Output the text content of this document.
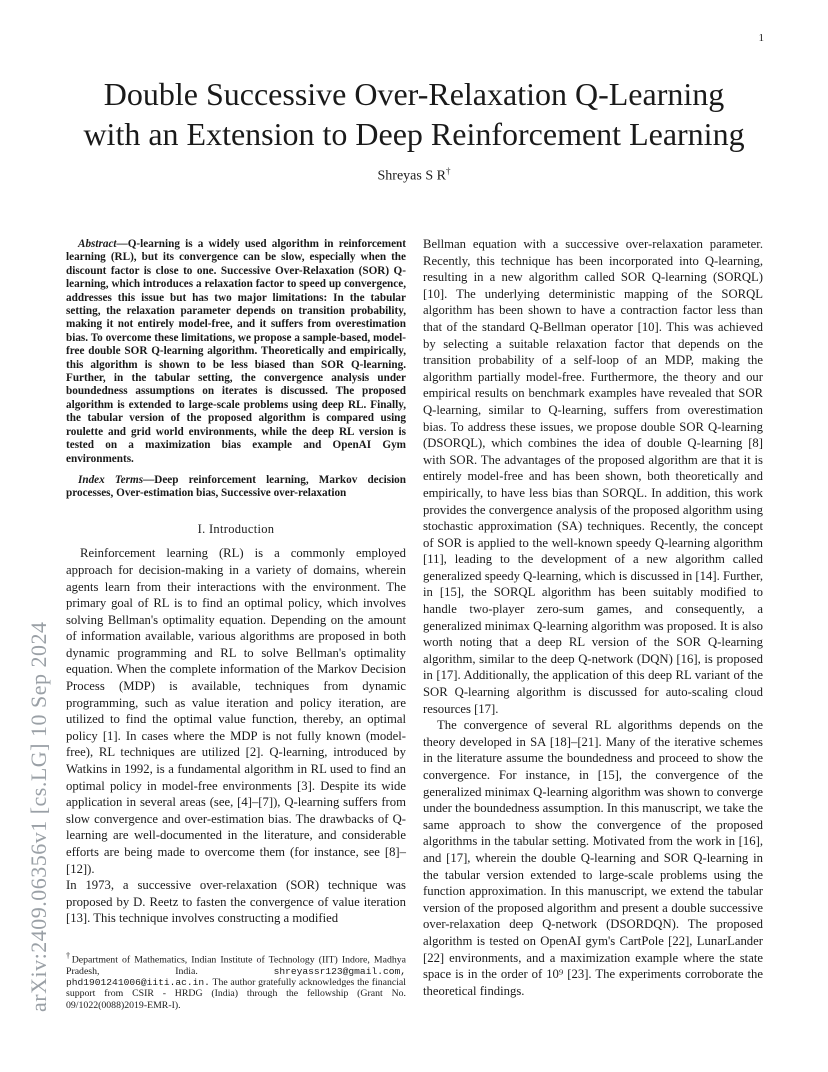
1
arXiv:2409.06356v1 [cs.LG] 10 Sep 2024
Double Successive Over-Relaxation Q-Learning
with an Extension to Deep Reinforcement Learning
Shreyas S R†

Abstract—Q-learning is a widely used algorithm in reinforcement learning (RL), but its convergence can be slow, especially when the discount factor is close to one. Successive Over-Relaxation (SOR) Q-learning, which introduces a relaxation factor to speed up convergence, addresses this issue but has two major limitations: In the tabular setting, the relaxation parameter depends on transition probability, making it not entirely model-free, and it suffers from overestimation bias. To overcome these limitations, we propose a sample-based, model-free double SOR Q-learning algorithm. Theoretically and empirically, this algorithm is shown to be less biased than SOR Q-learning. Further, in the tabular setting, the convergence analysis under boundedness assumptions on iterates is discussed. The proposed algorithm is extended to large-scale problems using deep RL. Finally, the tabular version of the proposed algorithm is compared using roulette and grid world environments, while the deep RL version is tested on a maximization bias example and OpenAI Gym environments.

Index Terms—Deep reinforcement learning, Markov decision processes, Over-estimation bias, Successive over-relaxation

I. Introduction

Reinforcement learning (RL) is a commonly employed approach for decision-making in a variety of domains, wherein agents learn from their interactions with the environment. The primary goal of RL is to find an optimal policy, which involves solving Bellman's optimality equation. Depending on the amount of information available, various algorithms are proposed in both dynamic programming and RL to solve Bellman's optimality equation. When the complete information of the Markov Decision Process (MDP) is available, techniques from dynamic programming, such as value iteration and policy iteration, are utilized to find the optimal value function, thereby, an optimal policy [1]. In cases where the MDP is not fully known (model-free), RL techniques are utilized [2]. Q-learning, introduced by Watkins in 1992, is a fundamental algorithm in RL used to find an optimal policy in model-free environments [3]. Despite its wide application in several areas (see, [4]–[7]), Q-learning suffers from slow convergence and over-estimation bias. The drawbacks of Q-learning are well-documented in the literature, and considerable efforts are being made to overcome them (for instance, see [8]–[12]).

In 1973, a successive over-relaxation (SOR) technique was proposed by D. Reetz to fasten the convergence of value iteration [13]. This technique involves constructing a modified

†Department of Mathematics, Indian Institute of Technology (IIT) Indore, Madhya Pradesh, India. shreyassr123@gmail.com, phd1901241006@iiti.ac.in. The author gratefully acknowledges the financial support from CSIR - HRDG (India) through the fellowship (Grant No. 09/1022(0088)2019-EMR-I).

Bellman equation with a successive over-relaxation parameter. Recently, this technique has been incorporated into Q-learning, resulting in a new algorithm called SOR Q-learning (SORQL) [10]. The underlying deterministic mapping of the SORQL algorithm has been shown to have a contraction factor less than that of the standard Q-Bellman operator [10]. This was achieved by selecting a suitable relaxation factor that depends on the transition probability of a self-loop of an MDP, making the algorithm partially model-free. Furthermore, the theory and our empirical results on benchmark examples have revealed that SOR Q-learning, similar to Q-learning, suffers from overestimation bias. To address these issues, we propose double SOR Q-learning (DSORQL), which combines the idea of double Q-learning [8] with SOR. The advantages of the proposed algorithm are that it is entirely model-free and has been shown, both theoretically and empirically, to have less bias than SORQL. In addition, this work provides the convergence analysis of the proposed algorithm using stochastic approximation (SA) techniques. Recently, the concept of SOR is applied to the well-known speedy Q-learning algorithm [11], leading to the development of a new algorithm called generalized speedy Q-learning, which is discussed in [14]. Further, in [15], the SORQL algorithm has been suitably modified to handle two-player zero-sum games, and consequently, a generalized minimax Q-learning algorithm was proposed. It is also worth noting that a deep RL version of the SOR Q-learning algorithm, similar to the deep Q-network (DQN) [16], is proposed in [17]. Additionally, the application of this deep RL variant of the SOR Q-learning algorithm is discussed for auto-scaling cloud resources [17].

The convergence of several RL algorithms depends on the theory developed in SA [18]–[21]. Many of the iterative schemes in the literature assume the boundedness and proceed to show the convergence. For instance, in [15], the convergence of the generalized minimax Q-learning algorithm was shown to converge under the boundedness assumption. In this manuscript, we take the same approach to show the convergence of the proposed algorithms in the tabular setting. Motivated from the work in [16], and [17], wherein the double Q-learning and SOR Q-learning in the tabular version extended to large-scale problems using the function approximation. In this manuscript, we extend the tabular version of the proposed algorithm and present a double successive over-relaxation deep Q-network (DSORDQN). The proposed algorithm is tested on OpenAI gym's CartPole [22], LunarLander [22] environments, and a maximization example where the state space is in the order of 10⁹ [23]. The experiments corroborate the theoretical findings.
